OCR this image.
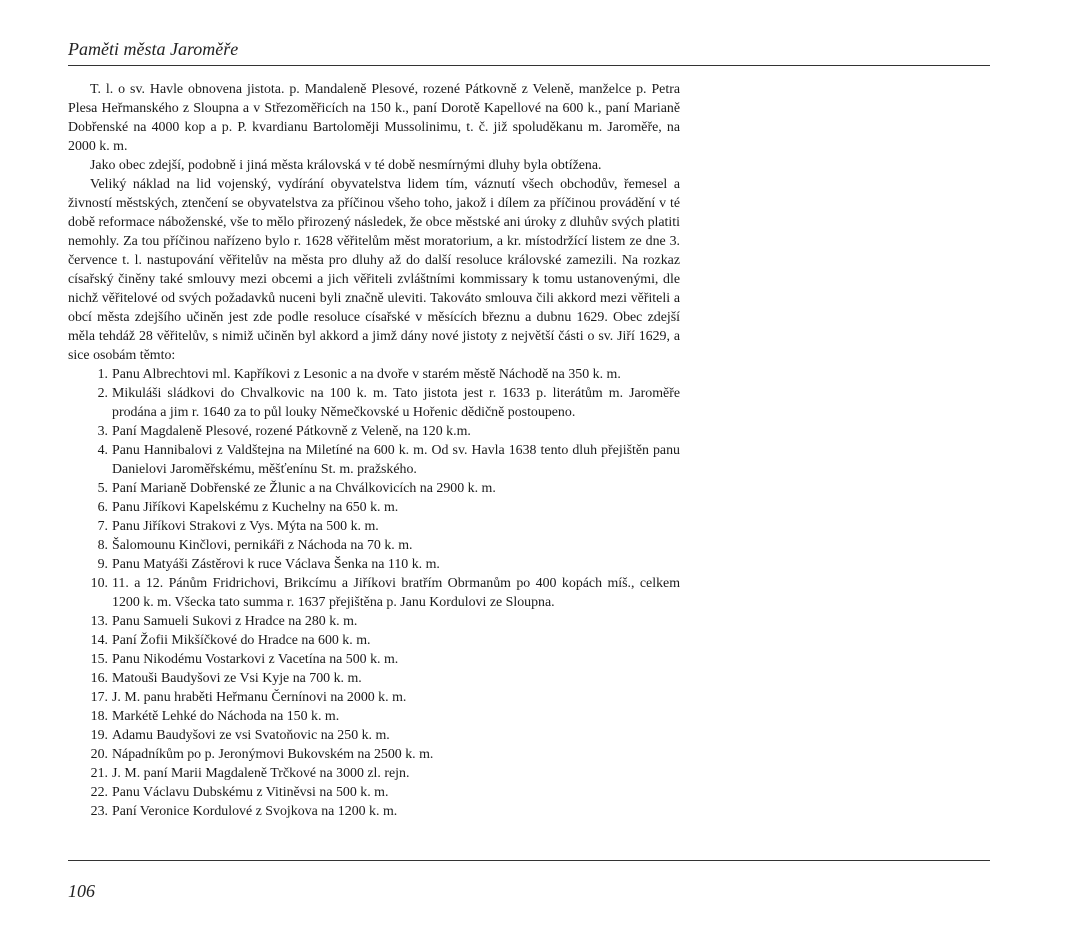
Paměti města Jaroměře

T. l. o sv. Havle obnovena jistota. p. Mandaleně Plesové, rozené Pátkovně z Veleně, manželce p. Petra Plesa Heřmanského z Sloupna a v Střezoměřicích na 150 k., paní Dorotě Kapellové na 600 k., paní Marianě Dobřenské na 4000 kop a p. P. kvardianu Bartoloměji Mussolinimu, t. č. již spoluděkanu m. Jaroměře, na 2000 k. m.

Jako obec zdejší, podobně i jiná města královská v té době nesmírnými dluhy byla obtížena.

Veliký náklad na lid vojenský, vydírání obyvatelstva lidem tím, váznutí všech obchodův, řemesel a živností městských, ztenčení se obyvatelstva za příčinou všeho toho, jakož i dílem za příčinou provádění v té době reformace náboženské, vše to mělo přirozený následek, že obce městské ani úroky z dluhův svých platiti nemohly. Za tou příčinou nařízeno bylo r. 1628 věřitelům měst moratorium, a kr. místodržící listem ze dne 3. července t. l. nastupování věřitelův na města pro dluhy až do další resoluce královské zamezili. Na rozkaz císařský činěny také smlouvy mezi obcemi a jich věřiteli zvláštními kommissary k tomu ustanovenými, dle nichž věřitelové od svých požadavků nuceni byli značně uleviti. Takováto smlouva čili akkord mezi věřiteli a obcí města zdejšího učiněn jest zde podle resoluce císařské v měsících březnu a dubnu 1629. Obec zdejší měla tehdáž 28 věřitelův, s nimiž učiněn byl akkord a jimž dány nové jistoty z největší části o sv. Jiří 1629, a sice osobám těmto:

1. Panu Albrechtovi ml. Kapříkovi z Lesonic a na dvoře v starém městě Náchodě na 350 k. m.
2. Mikuláši sládkovi do Chvalkovic na 100 k. m. Tato jistota jest r. 1633 p. literátům m. Jaroměře prodána a jim r. 1640 za to půl louky Němečkovské u Hořenic dědičně postoupeno.
3. Paní Magdaleně Plesové, rozené Pátkovně z Veleně, na 120 k.m.
4. Panu Hannibalovi z Valdštejna na Miletíné na 600 k. m. Od sv. Havla 1638 tento dluh přejištěn panu Danielovi Jaroměřskému, měšťenínu St. m. pražského.
5. Paní Marianě Dobřenské ze Žlunic a na Chválkovicích na 2900 k. m.
6. Panu Jiříkovi Kapelskému z Kuchelny na 650 k. m.
7. Panu Jiříkovi Strakovi z Vys. Mýta na 500 k. m.
8. Šalomounu Kinčlovi, pernikáři z Náchoda na 70 k. m.
9. Panu Matyáši Zástěrovi k ruce Václava Šenka na 110 k. m.
10. 11. a 12. Pánům Fridrichovi, Brikcímu a Jiříkovi bratřím Obrmanům po 400 kopách míš., celkem 1200 k. m. Všecka tato summa r. 1637 přejištěna p. Janu Kordulovi ze Sloupna.
13. Panu Samueli Sukovi z Hradce na 280 k. m.
14. Paní Žofii Mikšíčkové do Hradce na 600 k. m.
15. Panu Nikodému Vostarkovi z Vacetína na 500 k. m.
16. Matouši Baudyšovi ze Vsi Kyje na 700 k. m.
17. J. M. panu hraběti Heřmanu Černínovi na 2000 k. m.
18. Markétě Lehké do Náchoda na 150 k. m.
19. Adamu Baudyšovi ze vsi Svatoňovic na 250 k. m.
20. Nápadníkům po p. Jeronýmovi Bukovském na 2500 k. m.
21. J. M. paní Marii Magdaleně Trčkové na 3000 zl. rejn.
22. Panu Václavu Dubskému z Vitiněvsi na 500 k. m.
23. Paní Veronice Kordulové z Svojkova na 1200 k. m.
106
